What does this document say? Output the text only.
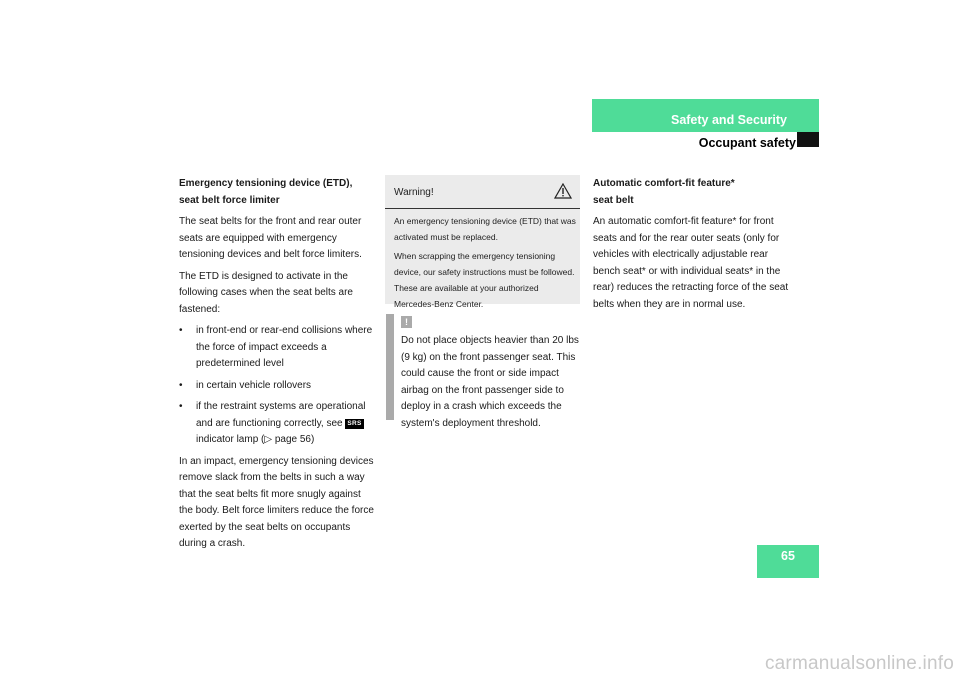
Safety and Security
Occupant safety
Emergency tensioning device (ETD),
seat belt force limiter

The seat belts for the front and rear outer seats are equipped with emergency tensioning devices and belt force limiters.

The ETD is designed to activate in the following cases when the seat belts are fastened:

• in front-end or rear-end collisions where the force of impact exceeds a predetermined level
• in certain vehicle rollovers
• if the restraint systems are operational and are functioning correctly, see SRS indicator lamp (▷ page 56)

In an impact, emergency tensioning devices remove slack from the belts in such a way that the seat belts fit more snugly against the body. Belt force limiters reduce the force exerted by the seat belts on occupants during a crash.

Warning!

An emergency tensioning device (ETD) that was activated must be replaced.

When scrapping the emergency tensioning device, our safety instructions must be followed. These are available at your authorized Mercedes-Benz Center.

!
Do not place objects heavier than 20 lbs (9 kg) on the front passenger seat. This could cause the front or side impact airbag on the front passenger side to deploy in a crash which exceeds the system's deployment threshold.
Automatic comfort-fit feature*
seat belt

An automatic comfort-fit feature* for front seats and for the rear outer seats (only for vehicles with electrically adjustable rear bench seat* or with individual seats* in the rear) reduces the retracting force of the seat belts when they are in normal use.

65
carmanualsonline.info
